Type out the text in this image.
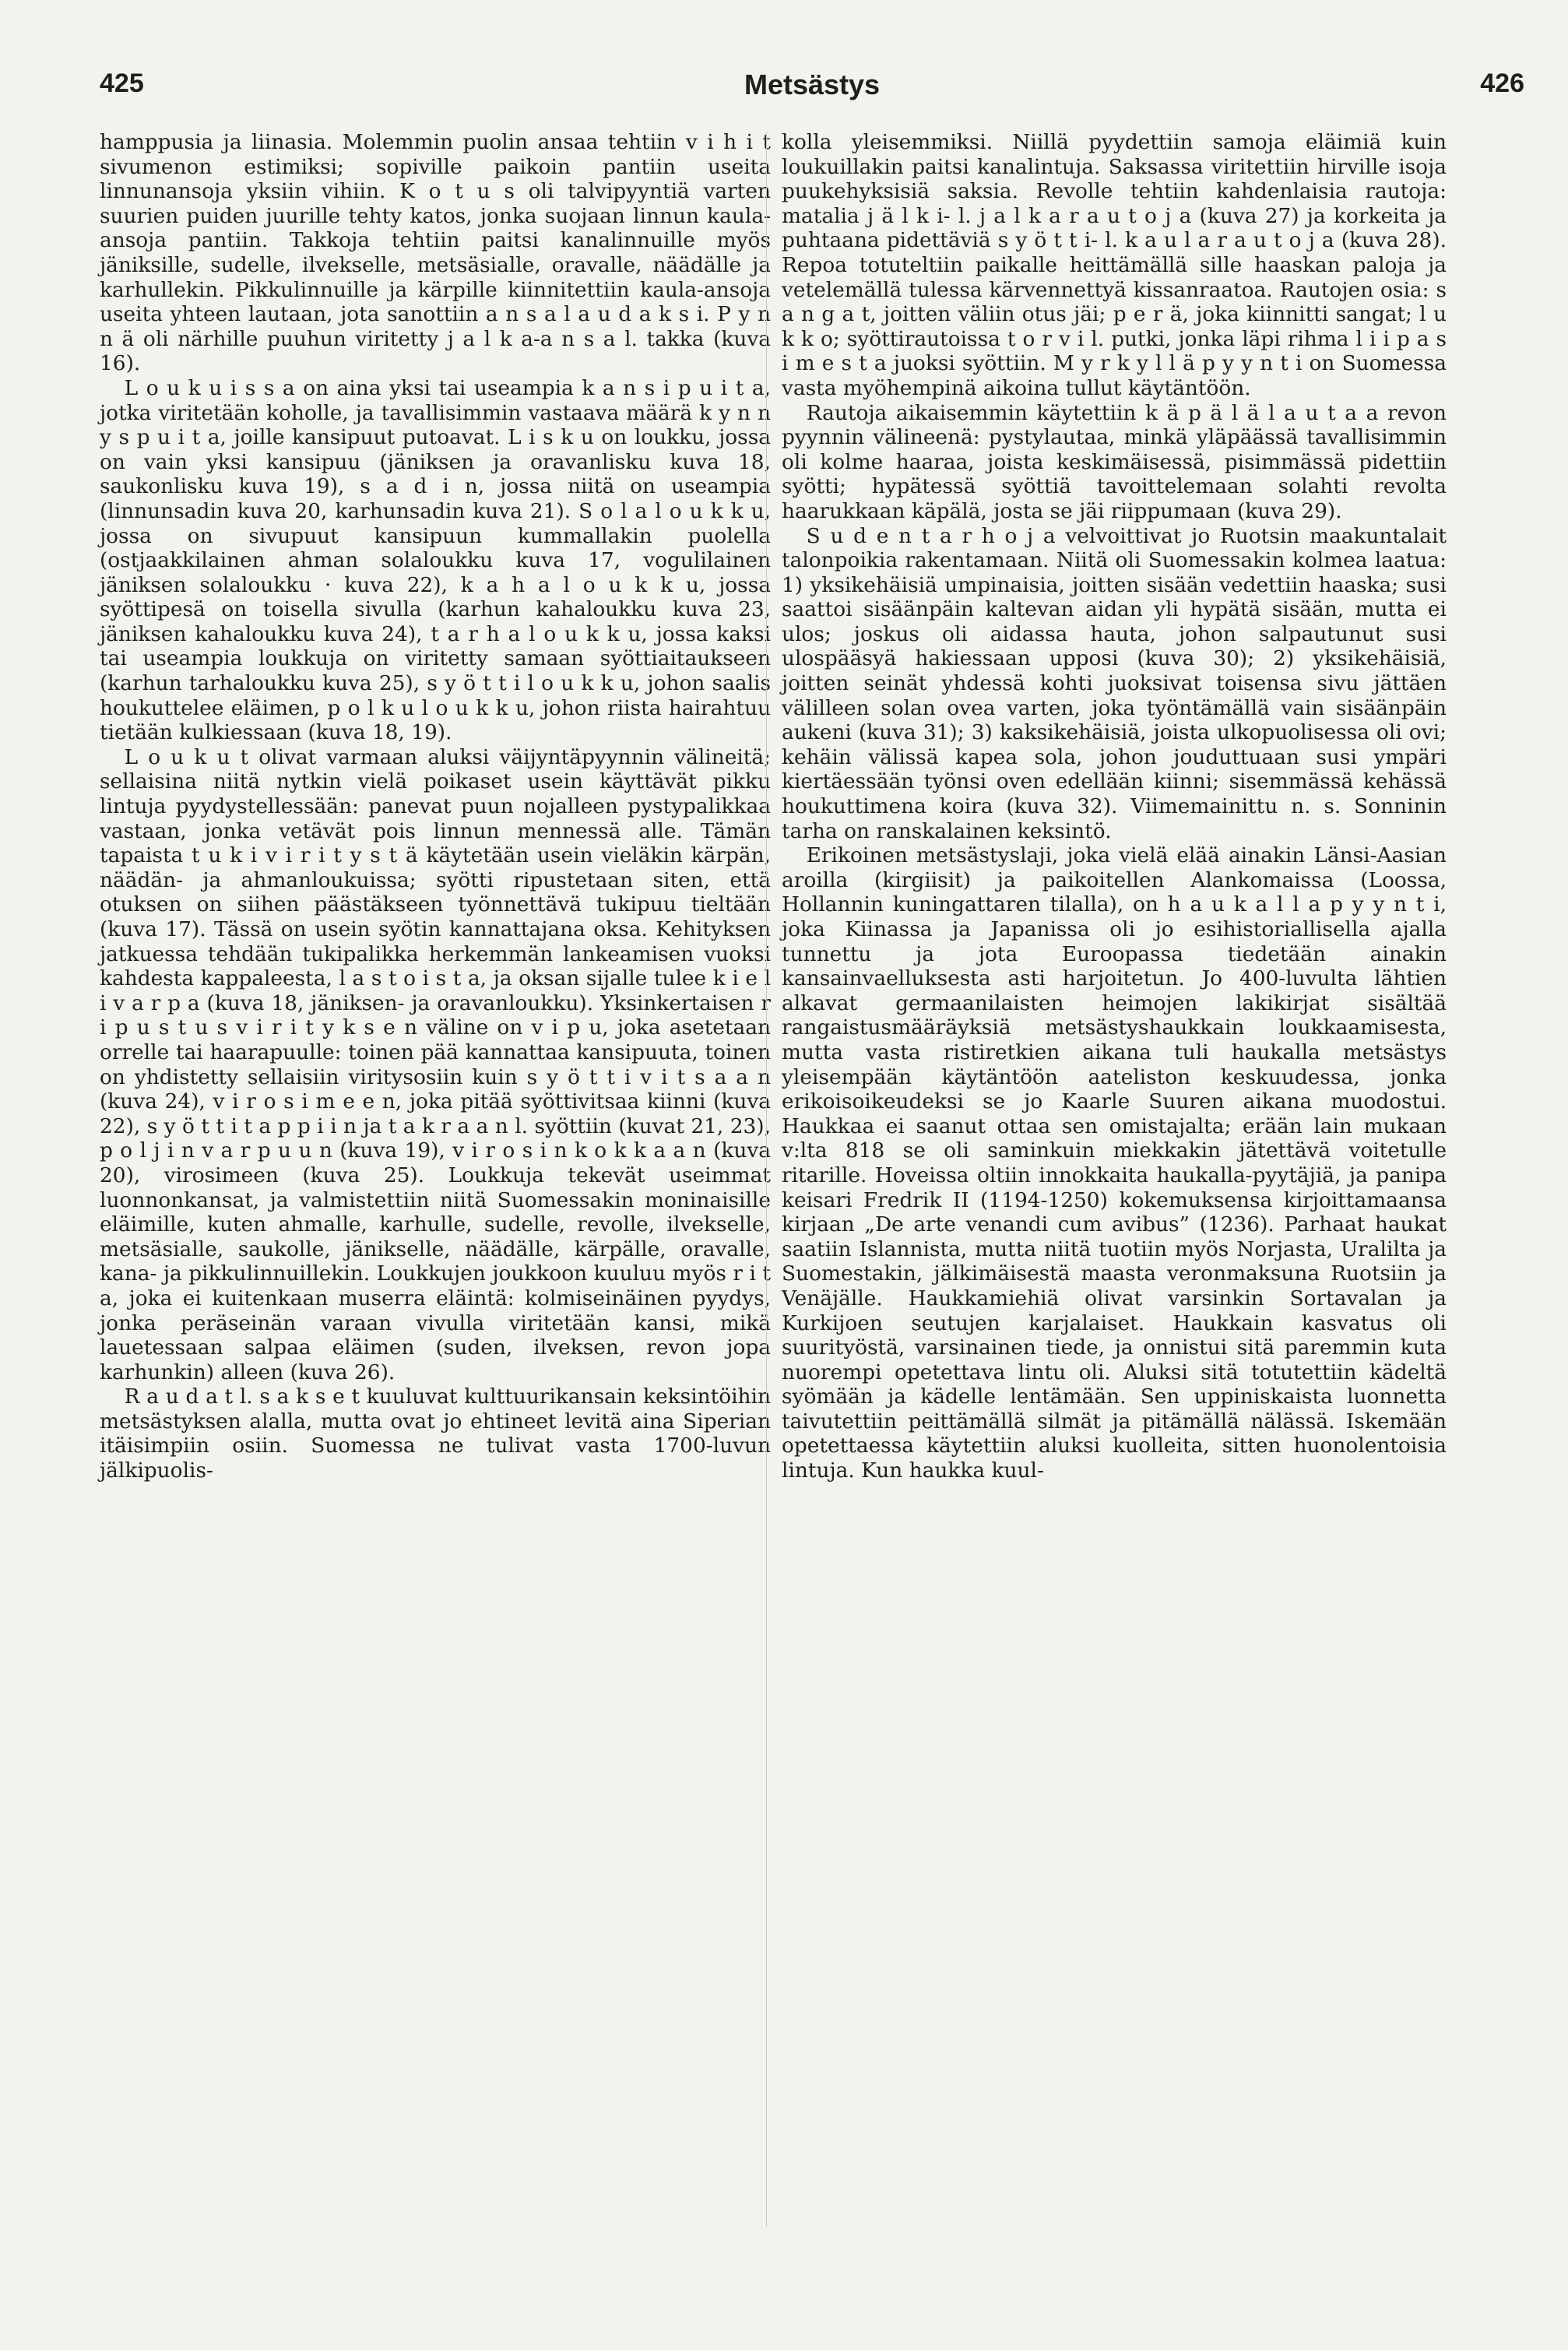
425	Metsästys	426

hamppusia ja liinasia. Molemmin puolin ansaa tehtiin v i h i t sivumenon estimiksi; sopiville paikoin pantiin useita linnunansoja yksiin vihiin. K o t u s oli talvipyyntiä varten suurien puiden juurille tehty katos, jonka suojaan linnun kaula-ansoja pantiin. Takkoja tehtiin paitsi kanalinnuille myös jäniksille, sudelle, ilvekselle, metsäsialle, oravalle, näädälle ja karhullekin. Pikkulinnuille ja kärpille kiinnitettiin kaula-ansoja useita yhteen lautaan, jota sanottiin a n s a l a u d a k s i. P y n n ä oli närhille puuhun viritetty j a l k a-a n s a l. takka (kuva 16).

L o u k u i s s a on aina yksi tai useampia k a n s i p u i t a, jotka viritetään koholle, ja tavallisimmin vastaava määrä k y n n y s p u i t a, joille kansipuut putoavat. L i s k u on loukku, jossa on vain yksi kansipuu (jäniksen ja oravanlisku kuva 18, saukonlisku kuva 19), s a d i n, jossa niitä on useampia (linnunsadin kuva 20, karhunsadin kuva 21). S o l a l o u k k u, jossa on sivupuut kansipuun kummallakin puolella (ostjaakkilainen ahman solaloukku kuva 17, vogulilainen jäniksen solaloukku · kuva 22), k a h a l o u k k u, jossa syöttipesä on toisella sivulla (karhun kahaloukku kuva 23, jäniksen kahaloukku kuva 24), t a r h a l o u k k u, jossa kaksi tai useampia loukkuja on viritetty samaan syöttiaitaukseen (karhun tarhaloukku kuva 25), s y ö t t i l o u k k u, johon saalis houkuttelee eläimen, p o l k u l o u k k u, johon riista hairahtuu tietään kulkiessaan (kuva 18, 19).

L o u k u t olivat varmaan aluksi väijyntäpyynnin välineitä; sellaisina niitä nytkin vielä poikaset usein käyttävät pikku lintuja pyydystellessään: panevat puun nojalleen pystypalikkaa vastaan, jonka vetävät pois linnun mennessä alle. Tämän tapaista t u k i v i r i t y s t ä käytetään usein vieläkin kärpän, näädän- ja ahmanloukuissa; syötti ripustetaan siten, että otuksen on siihen päästäkseen työnnettävä tukipuu tieltään (kuva 17). Tässä on usein syötin kannattajana oksa. Kehityksen jatkuessa tehdään tukipalikka herkemmän lankeamisen vuoksi kahdesta kappaleesta, l a s t o i s t a, ja oksan sijalle tulee k i e l i v a r p a (kuva 18, jäniksen- ja oravanloukku). Yksinkertaisen r i p u s t u s v i r i t y k s e n väline on v i p u, joka asetetaan orrelle tai haarapuulle: toinen pää kannattaa kansipuuta, toinen on yhdistetty sellaisiin viritysosiin kuin s y ö t t i v i t s a a n (kuva 24), v i r o s i m e e n, joka pitää syöttivitsaa kiinni (kuva 22), s y ö t t i t a p p i i n ja t a k r a a n l. syöttiin (kuvat 21, 23), p o l j i n v a r p u u n (kuva 19), v i r o s i n k o k k a a n (kuva 20), virosimeen (kuva 25). Loukkuja tekevät useimmat luonnonkansat, ja valmistettiin niitä Suomessakin moninaisille eläimille, kuten ahmalle, karhulle, sudelle, revolle, ilvekselle, metsäsialle, saukolle, jänikselle, näädälle, kärpälle, oravalle, kana- ja pikkulinnuillekin. Loukkujen joukkoon kuuluu myös r i t a, joka ei kuitenkaan muserra eläintä: kolmiseinäinen pyydys, jonka peräseinän varaan vivulla viritetään kansi, mikä lauetessaan salpaa eläimen (suden, ilveksen, revon jopa karhunkin) alleen (kuva 26).

R a u d a t l. s a k s e t kuuluvat kulttuurikansain keksintöihin metsästyksen alalla, mutta ovat jo ehtineet levitä aina Siperian itäisimpiin osiin. Suomessa ne tulivat vasta 1700-luvun jälkipuolis-

kolla yleisemmiksi. Niillä pyydettiin samoja eläimiä kuin loukuillakin paitsi kanalintuja. Saksassa viritettiin hirville isoja puukehyksisiä saksia. Revolle tehtiin kahdenlaisia rautoja: matalia j ä l k i- l. j a l k a r a u t o j a (kuva 27) ja korkeita ja puhtaana pidettäviä s y ö t t i- l. k a u l a r a u t o j a (kuva 28). Repoa totuteltiin paikalle heittämällä sille haaskan paloja ja vetelemällä tulessa kärvennettyä kissanraatoa. Rautojen osia: s a n g a t, joitten väliin otus jäi; p e r ä, joka kiinnitti sangat; l u k k o; syöttirautoissa t o r v i l. putki, jonka läpi rihma l i i p a s i m e s t a juoksi syöttiin. M y r k y l l ä p y y n t i on Suomessa vasta myöhempinä aikoina tullut käytäntöön.

Rautoja aikaisemmin käytettiin k ä p ä l ä l a u t a a revon pyynnin välineenä: pystylautaa, minkä yläpäässä tavallisimmin oli kolme haaraa, joista keskimäisessä, pisimmässä pidettiin syötti; hypätessä syöttiä tavoittelemaan solahti revolta haarukkaan käpälä, josta se jäi riippumaan (kuva 29).

S u d e n t a r h o j a velvoittivat jo Ruotsin maakuntalait talonpoikia rakentamaan. Niitä oli Suomessakin kolmea laatua: 1) yksikehäisiä umpinaisia, joitten sisään vedettiin haaska; susi saattoi sisäänpäin kaltevan aidan yli hypätä sisään, mutta ei ulos; joskus oli aidassa hauta, johon salpautunut susi ulospääsyä hakiessaan upposi (kuva 30); 2) yksikehäisiä, joitten seinät yhdessä kohti juoksivat toisensa sivu jättäen välilleen solan ovea varten, joka työntämällä vain sisäänpäin aukeni (kuva 31); 3) kaksikehäisiä, joista ulkopuolisessa oli ovi; kehäin välissä kapea sola, johon jouduttuaan susi ympäri kiertäessään työnsi oven edellään kiinni; sisemmässä kehässä houkuttimena koira (kuva 32). Viimemainittu n. s. Sonninin tarha on ranskalainen keksintö.

Erikoinen metsästyslaji, joka vielä elää ainakin Länsi-Aasian aroilla (kirgiisit) ja paikoitellen Alankomaissa (Loossa, Hollannin kuningattaren tilalla), on h a u k a l l a p y y n t i, joka Kiinassa ja Japanissa oli jo esihistoriallisella ajalla tunnettu ja jota Euroopassa tiedetään ainakin kansainvaelluksesta asti harjoitetun. Jo 400-luvulta lähtien alkavat germaanilaisten heimojen lakikirjat sisältää rangaistusmääräyksiä metsästyshaukkain loukkaamisesta, mutta vasta ristiretkien aikana tuli haukalla metsästys yleisempään käytäntöön aateliston keskuudessa, jonka erikoisoikeudeksi se jo Kaarle Suuren aikana muodostui. Haukkaa ei saanut ottaa sen omistajalta; erään lain mukaan v:lta 818 se oli saminkuin miekkakin jätettävä voitetulle ritarille. Hoveissa oltiin innokkaita haukalla-pyytäjiä, ja panipa keisari Fredrik II (1194-1250) kokemuksensa kirjoittamaansa kirjaan „De arte venandi cum avibus” (1236). Parhaat haukat saatiin Islannista, mutta niitä tuotiin myös Norjasta, Uralilta ja Suomestakin, jälkimäisestä maasta veronmaksuna Ruotsiin ja Venäjälle. Haukkamiehiä olivat varsinkin Sortavalan ja Kurkijoen seutujen karjalaiset. Haukkain kasvatus oli suurityöstä, varsinainen tiede, ja onnistui sitä paremmin kuta nuorempi opetettava lintu oli. Aluksi sitä totutettiin kädeltä syömään ja kädelle lentämään. Sen uppiniskaista luonnetta taivutettiin peittämällä silmät ja pitämällä nälässä. Iskemään opetettaessa käytettiin aluksi kuolleita, sitten huonolentoisia lintuja. Kun haukka kuul-
